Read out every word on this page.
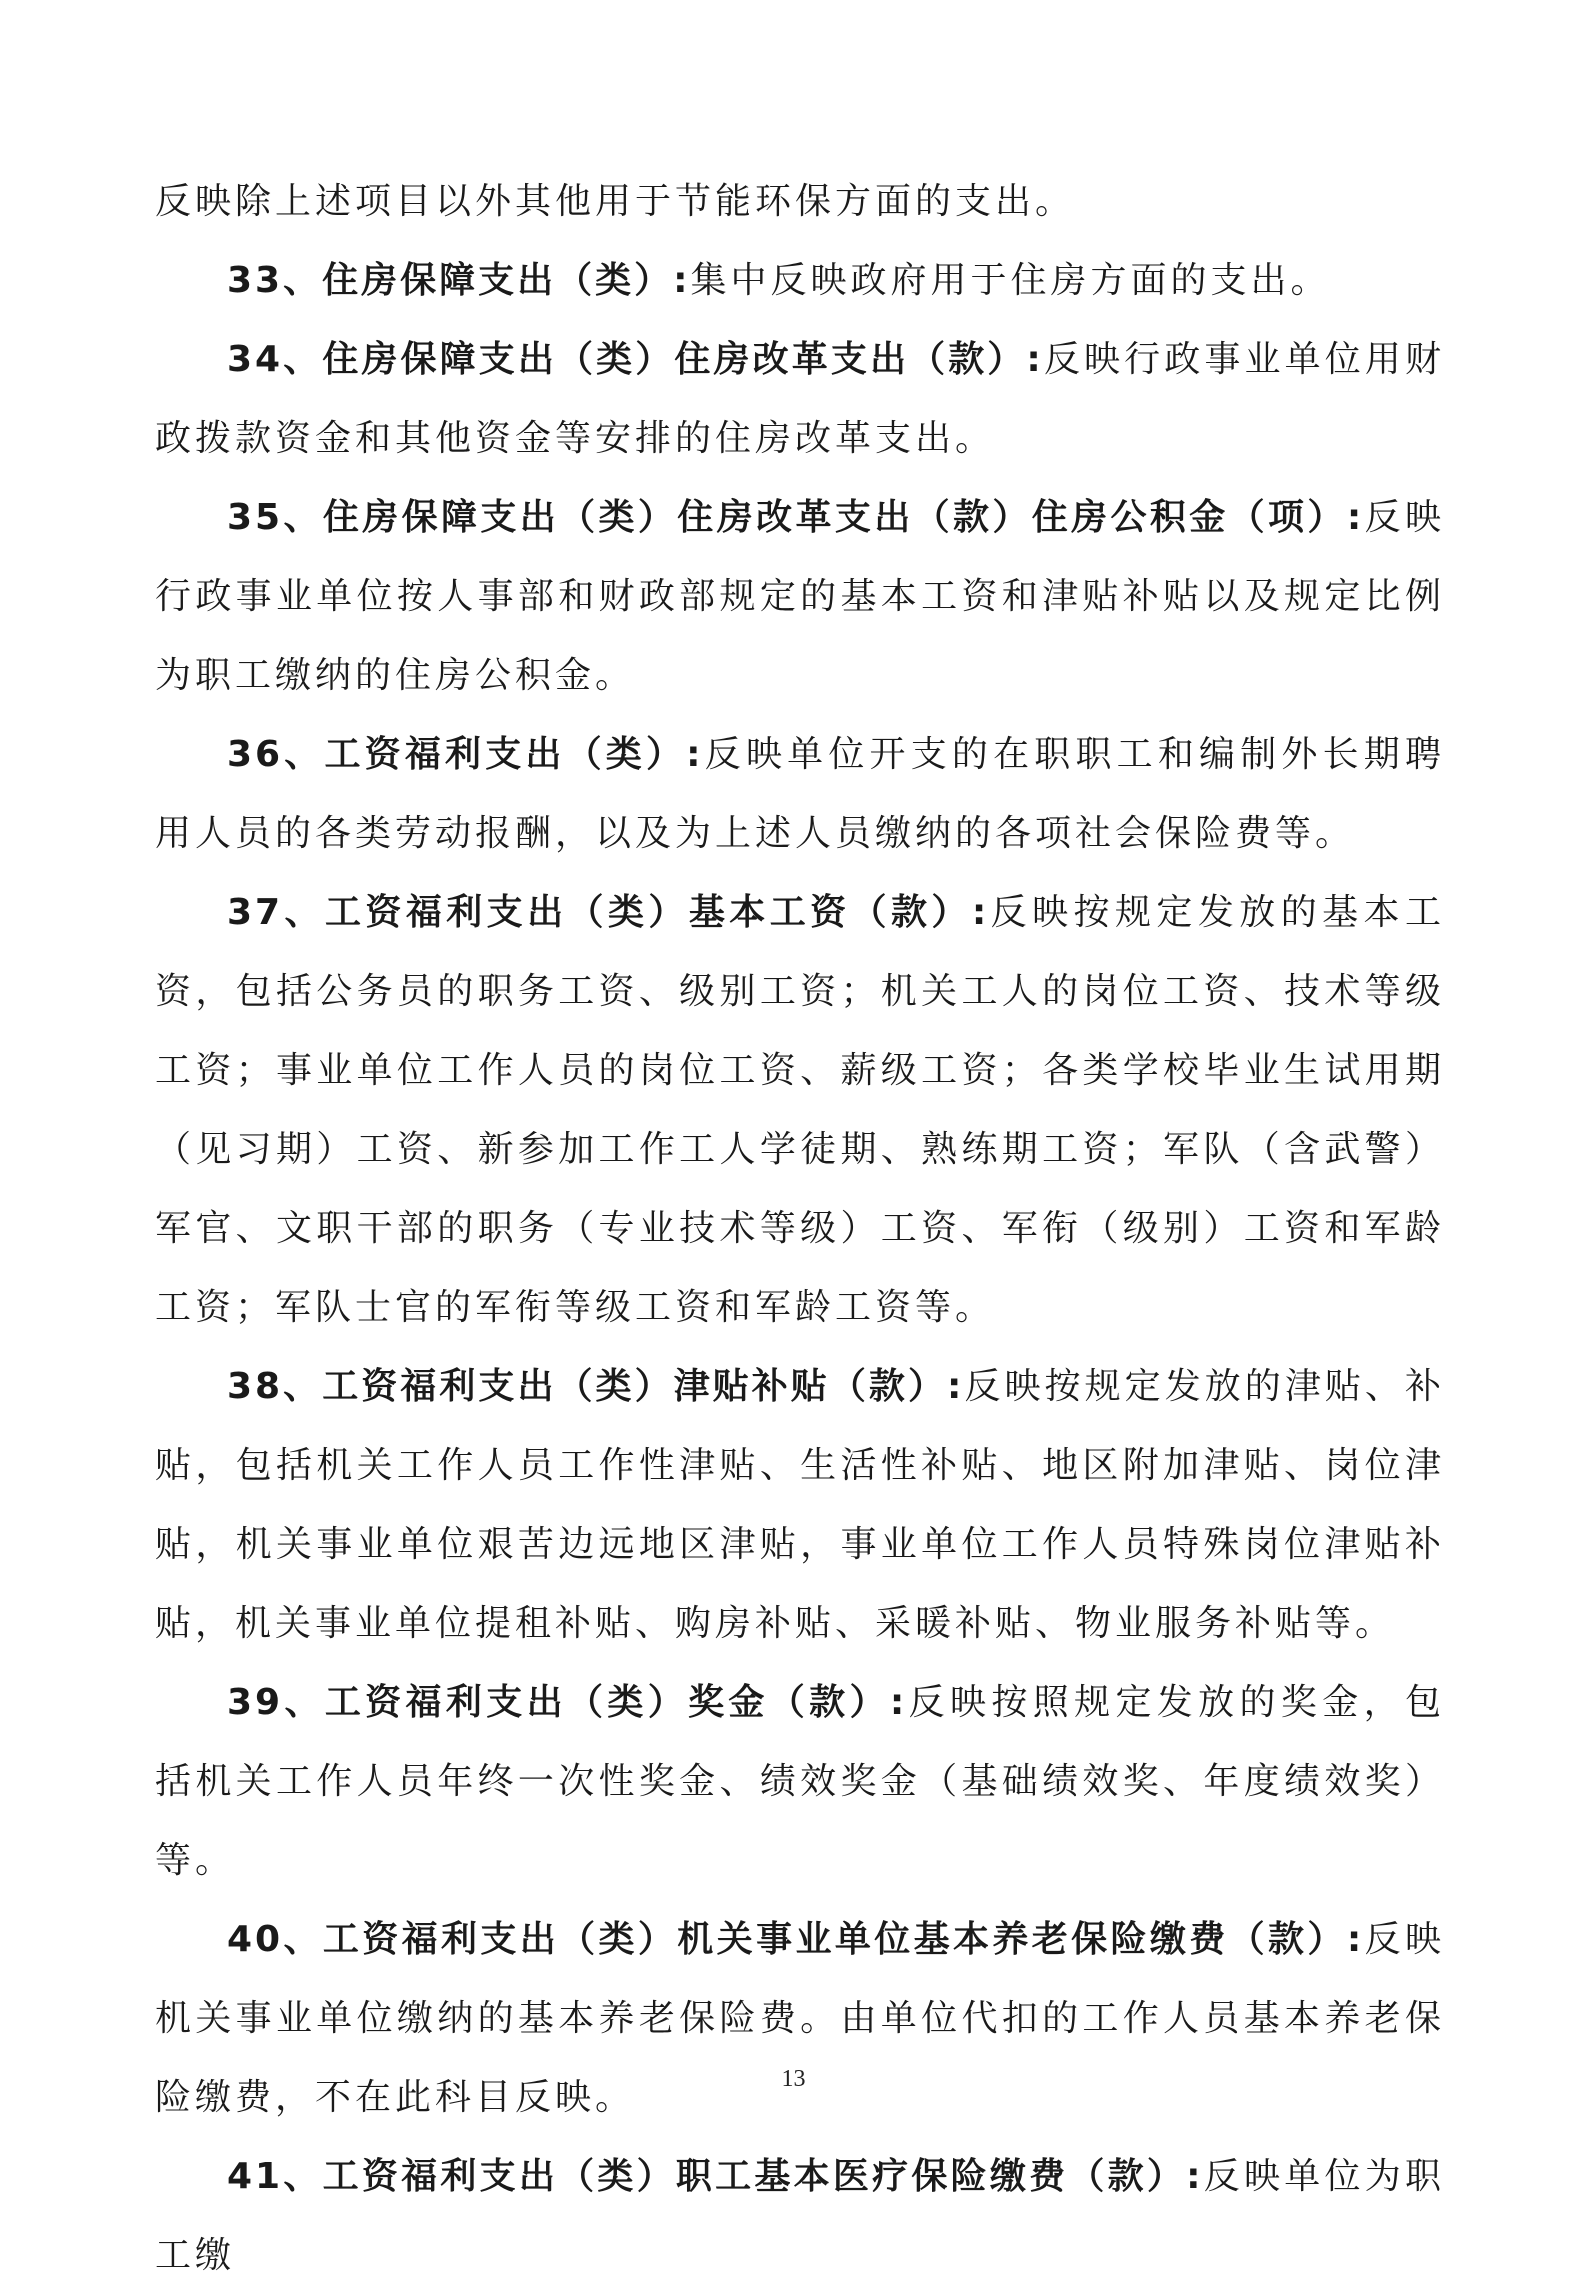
反映除上述项目以外其他用于节能环保方面的支出。

33、住房保障支出（类）:集中反映政府用于住房方面的支出。

34、住房保障支出（类）住房改革支出（款）:反映行政事业单位用财政拨款资金和其他资金等安排的住房改革支出。

35、住房保障支出（类）住房改革支出（款）住房公积金（项）:反映行政事业单位按人事部和财政部规定的基本工资和津贴补贴以及规定比例为职工缴纳的住房公积金。

36、工资福利支出（类）:反映单位开支的在职职工和编制外长期聘用人员的各类劳动报酬，以及为上述人员缴纳的各项社会保险费等。

37、工资福利支出（类）基本工资（款）:反映按规定发放的基本工资，包括公务员的职务工资、级别工资；机关工人的岗位工资、技术等级工资；事业单位工作人员的岗位工资、薪级工资；各类学校毕业生试用期（见习期）工资、新参加工作工人学徒期、熟练期工资；军队（含武警）军官、文职干部的职务（专业技术等级）工资、军衔（级别）工资和军龄工资；军队士官的军衔等级工资和军龄工资等。

38、工资福利支出（类）津贴补贴（款）:反映按规定发放的津贴、补贴，包括机关工作人员工作性津贴、生活性补贴、地区附加津贴、岗位津贴，机关事业单位艰苦边远地区津贴，事业单位工作人员特殊岗位津贴补贴，机关事业单位提租补贴、购房补贴、采暖补贴、物业服务补贴等。

39、工资福利支出（类）奖金（款）:反映按照规定发放的奖金，包括机关工作人员年终一次性奖金、绩效奖金（基础绩效奖、年度绩效奖）等。

40、工资福利支出（类）机关事业单位基本养老保险缴费（款）:反映机关事业单位缴纳的基本养老保险费。由单位代扣的工作人员基本养老保险缴费，不在此科目反映。

41、工资福利支出（类）职工基本医疗保险缴费（款）:反映单位为职工缴

13
